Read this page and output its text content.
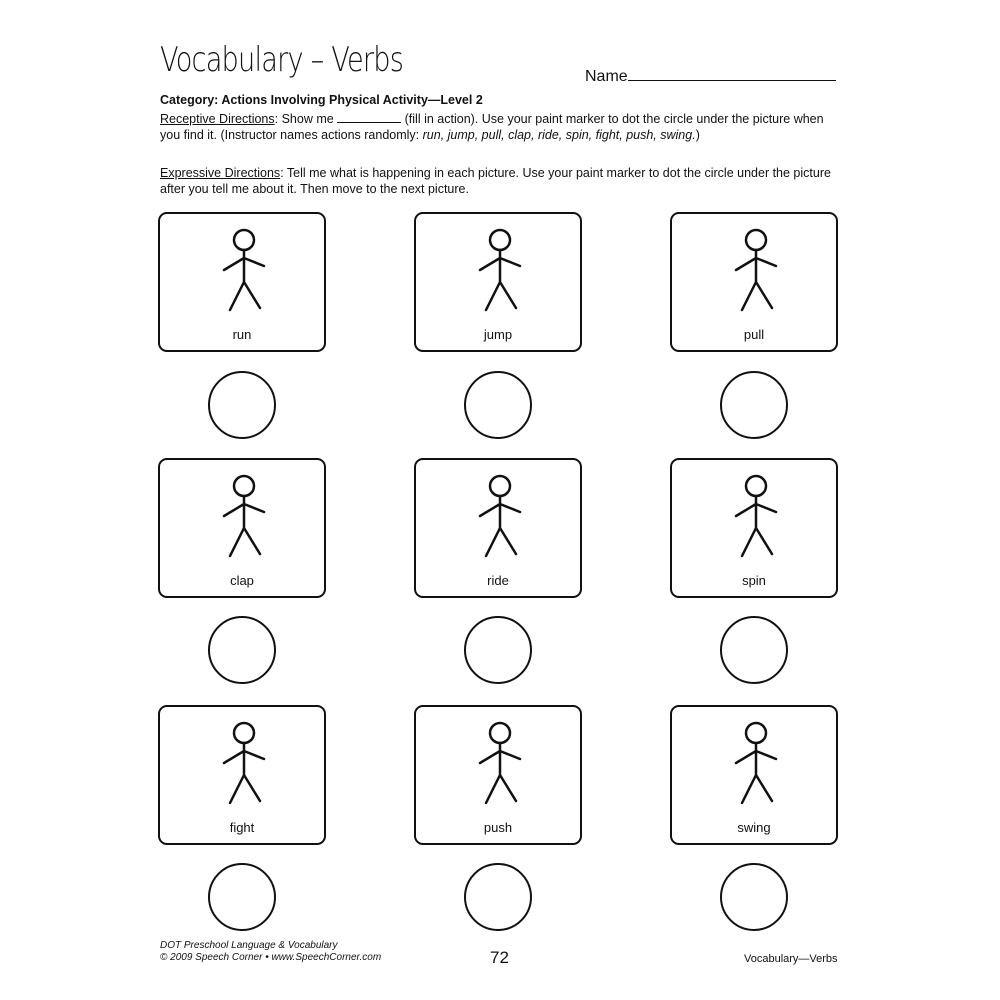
Vocabulary – Verbs	Name
Category: Actions Involving Physical Activity—Level 2
Receptive Directions: Show me	(fill in action). Use your paint marker to dot the circle under the picture when you find it. (Instructor names actions randomly: run, jump, pull, clap, ride, spin, fight, push, swing.)
Expressive Directions: Tell me what is happening in each picture. Use your paint marker to dot the circle under the picture after you tell me about it. Then move to the next picture.
run	jump	pull
clap	ride	spin
fight	push	swing
DOT Preschool Language & Vocabulary
© 2009 Speech Corner • www.SpeechCorner.com	72	Vocabulary—Verbs
